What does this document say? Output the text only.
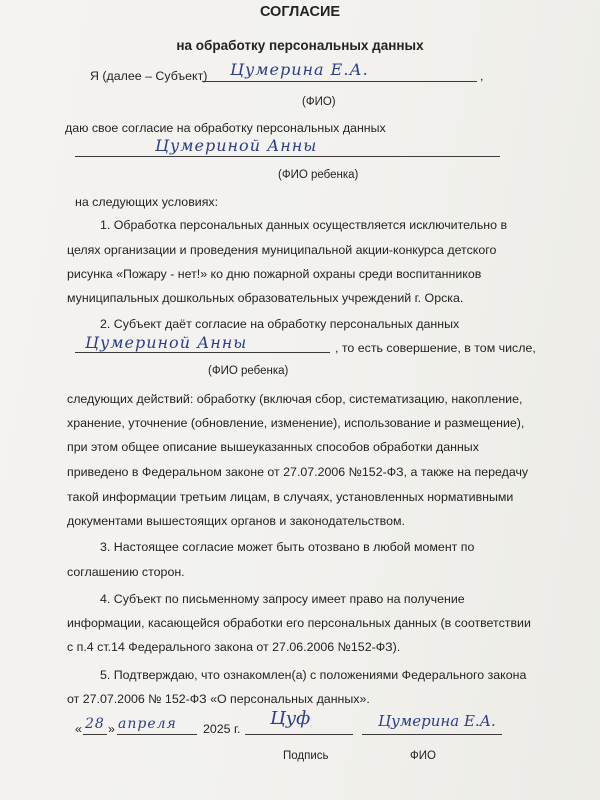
СОГЛАСИЕ
на обработку персональных данных
Я (далее – Субъект) Цумерина Е.А.	,
(ФИО)
даю свое согласие на обработку персональных данных
Цумериной Анны
(ФИО ребенка)
на следующих условиях:
1. Обработка персональных данных осуществляется исключительно в
целях организации и проведения муниципальной акции-конкурса детского
рисунка «Пожару - нет!» ко дню пожарной охраны среди воспитанников
муниципальных дошкольных образовательных учреждений г. Орска.
2. Субъект даёт согласие на обработку персональных данных
Цумериной Анны	, то есть совершение, в том числе,
(ФИО ребенка)
следующих действий: обработку (включая сбор, систематизацию, накопление,
хранение, уточнение (обновление, изменение), использование и размещение),
при этом общее описание вышеуказанных способов обработки данных
приведено в Федеральном законе от 27.07.2006 №152-ФЗ, а также на передачу
такой информации третьим лицам, в случаях, установленных нормативными
документами вышестоящих органов и законодательством.
3. Настоящее согласие может быть отозвано в любой момент по
соглашению сторон.
4. Субъект по письменному запросу имеет право на получение
информации, касающейся обработки его персональных данных (в соответствии
с п.4 ст.14 Федерального закона от 27.06.2006 №152-ФЗ).
5. Подтверждаю, что ознакомлен(а) с положениями Федерального закона
от 27.07.2006 № 152-ФЗ «О персональных данных».
« 28 » апреля 2025 г. Цуф
Подпись
Цумерина Е.А.
ФИО
